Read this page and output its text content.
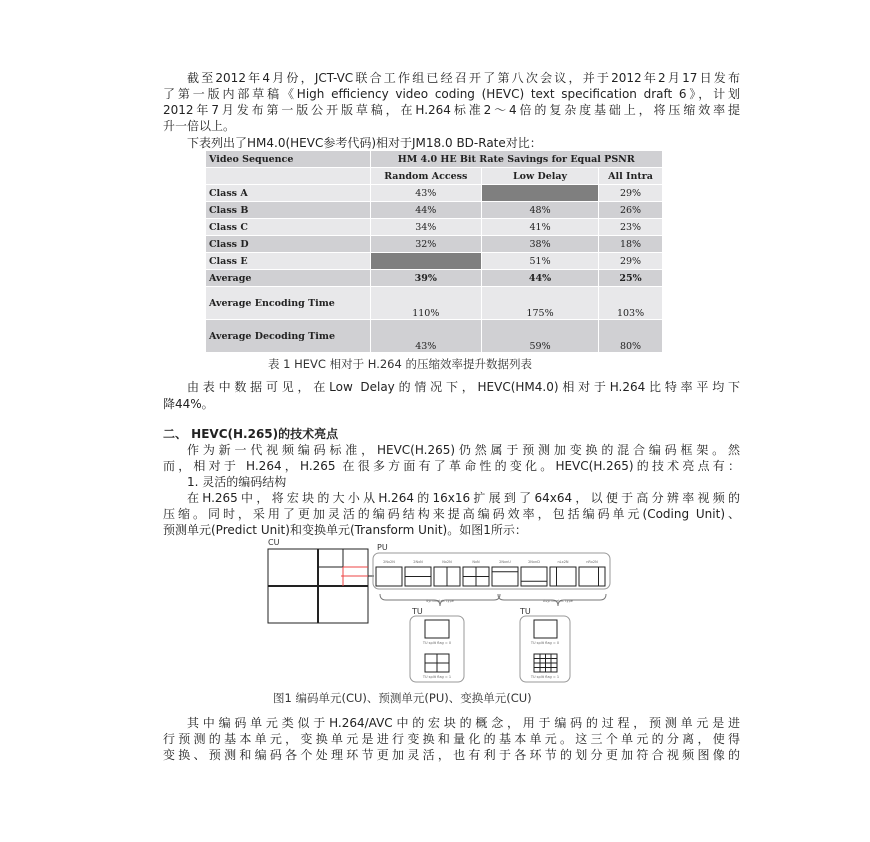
截至2012年4月份，JCT-VC联合工作组已经召开了第八次会议，并于2012年2月17日发布
了第一版内部草稿《High efficiency video coding (HEVC) text specification draft 6》，计划
2012年7月发布第一版公开版草稿，在H.264标准2～4倍的复杂度基础上，将压缩效率提
升一倍以上。
下表列出了HM4.0(HEVC参考代码)相对于JM18.0 BD-Rate对比：
Video Sequence	HM 4.0 HE Bit Rate Savings for Equal PSNR		
	Random Access	Low Delay	All Intra
Class A	43%		29%
Class B	44%	48%	26%
Class C	34%	41%	23%
Class D	32%	38%	18%
Class E		51%	29%
Average	39%	44%	25%
Average Encoding Time	110%	175%	103%
Average Decoding Time	43%	59%	80%
表 1 HEVC 相对于 H.264 的压缩效率提升数据列表
由表中数据可见，在Low Delay的情况下，HEVC(HM4.0)相对于H.264比特率平均下
降44%。
二、 HEVC(H.265)的技术亮点
作为新一代视频编码标准，HEVC(H.265)仍然属于预测加变换的混合编码框架。然
而，相对于 H.264，H.265 在很多方面有了革命性的变化。HEVC(H.265)的技术亮点有：
1. 灵活的编码结构
在H.265中，将宏块的大小从H.264的16x16扩展到了64x64，以便于高分辨率视频的
压缩。同时，采用了更加灵活的编码结构来提高编码效率，包括编码单元(Coding Unit)、
预测单元(Predict Unit)和变换单元(Transform Unit)。如图1所示：
CU
PU
2Nx2N	2NxN	Nx2N	NxN	2NxnU	2NxnD	nLx2N	nRx2N
Symmetric type	Asymmetric type
TU	TU
TU split flag = 0
TU split flag = 1
TU split flag = 0
TU split flag = 1
图1 编码单元(CU)、预测单元(PU)、变换单元(CU)
其中编码单元类似于H.264/AVC中的宏块的概念，用于编码的过程，预测单元是进
行预测的基本单元，变换单元是进行变换和量化的基本单元。这三个单元的分离，使得
变换、预测和编码各个处理环节更加灵活，也有利于各环节的划分更加符合视频图像的
